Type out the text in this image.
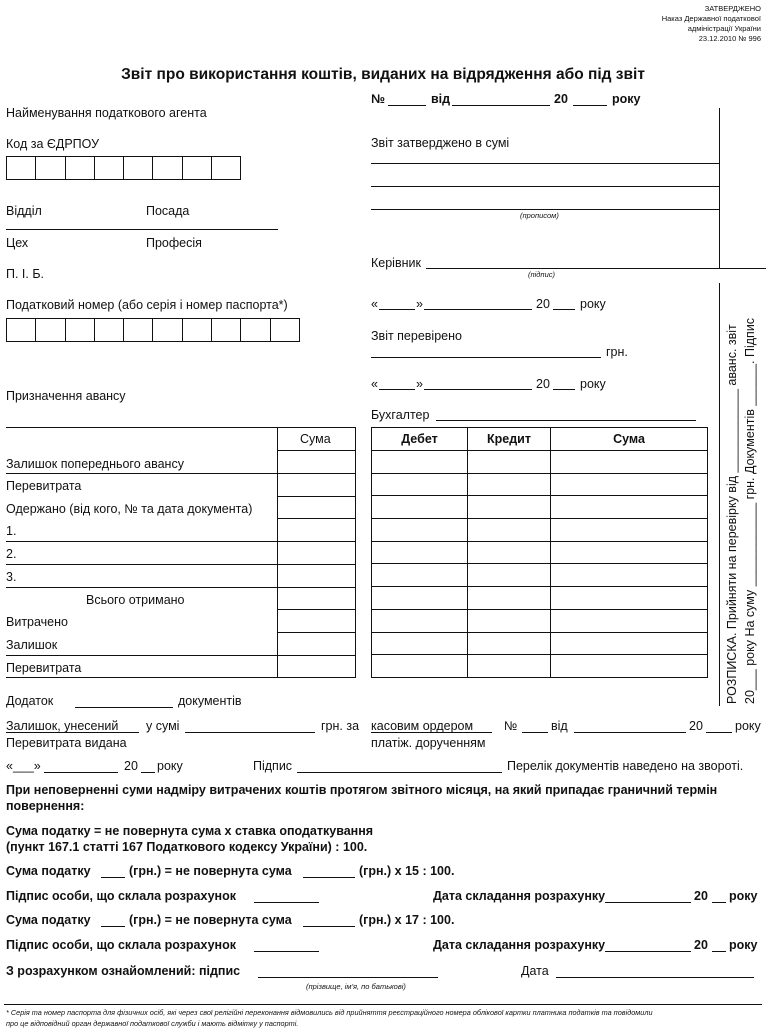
ЗАТВЕРДЖЕНО
Наказ Державної податкової
адміністрації України
23.12.2010 № 996
Звіт про використання коштів, виданих на відрядження або під звіт
№	від	20	року
Найменування податкового агента
Код за ЄДРПОУ
Відділ	Посада
Цех	Професія
П. І. Б.
Податковий номер (або серія і номер паспорта*)
Призначення авансу
Звіт затверджено в сумі
(прописом)
Керівник
(підпис)
«	»	20 року
Звіт перевірено
грн.
«	»	20 року
Бухгалтер
Сума
Залишок попереднього авансу
Перевитрата
Одержано (від кого, № та дата документа)
1.
2.
3.
Всього отримано
Витрачено
Залишок
Перевитрата
Дебет	Кредит	Сума

			РОЗПИСКА. Прийняти на перевірку від ____________ аванс. звіт 20___ року На суму ____________ грн. Документів ______. Підпис
Додаток	документів
Залишок, унесений у сумі	грн. за касовим ордером №	від	20	року
Перевитрата видана	платіж. дорученням
«___»	20 року	Підпис	Перелік документів наведено на звороті.
При неповерненні суми надміру витрачених коштів протягом звітного місяця, на який припадає граничний термін повернення:
Сума податку = не повернута сума х ставка оподаткування
(пункт 167.1 статті 167 Податкового кодексу України) : 100.
Сума податку	(грн.) = не повернута сума	(грн.) х 15 : 100.
Підпис особи, що склала розрахунок	Дата складання розрахунку	20 року
Сума податку	(грн.) = не повернута сума	(грн.) х 17 : 100.
Підпис особи, що склала розрахунок	Дата складання розрахунку	20 року
З розрахунком ознайомлений: підпис
(прізвище, ім'я, по батькові)
Дата
* Серія та номер паспорта для фізичних осіб, які через свої релігійні переконання відмовились від прийняття реєстраційного номера облікової картки платника податків та повідомили
про це відповідний орган державної податкової служби і мають відмітку у паспорті.
